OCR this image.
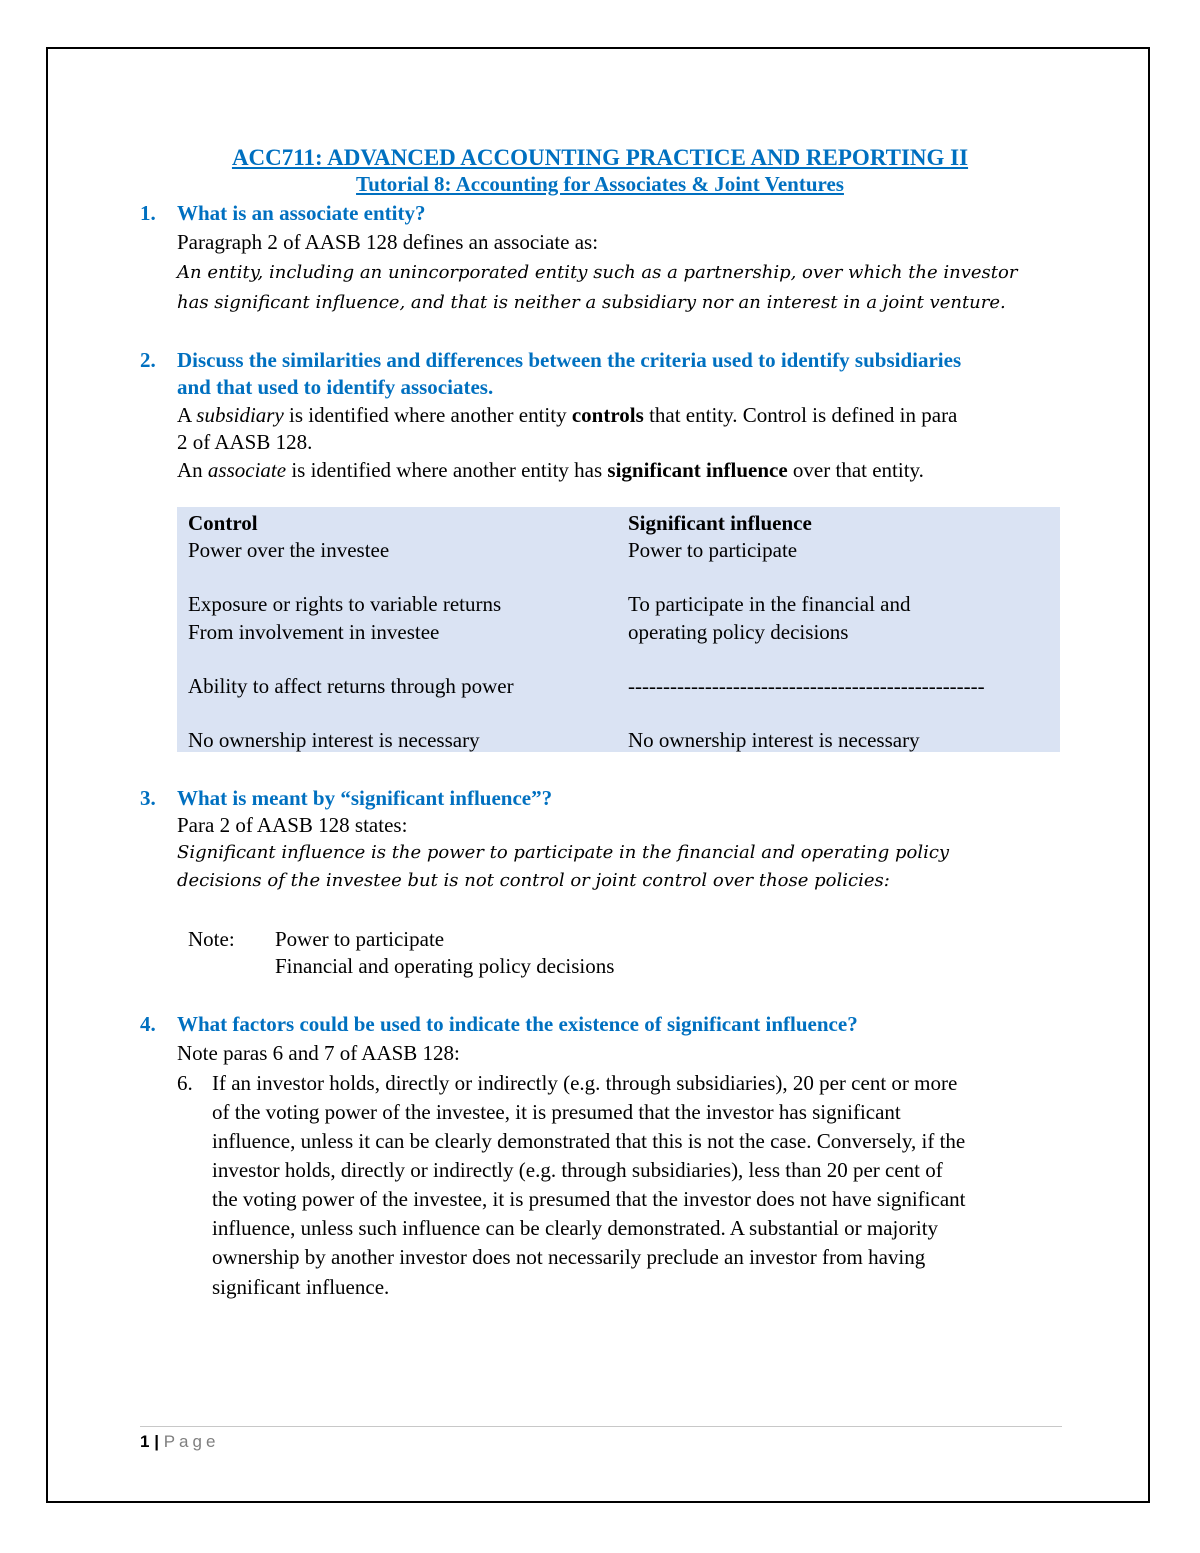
ACC711: ADVANCED ACCOUNTING PRACTICE AND REPORTING II
Tutorial 8: Accounting for Associates & Joint Ventures
1. What is an associate entity?
Paragraph 2 of AASB 128 defines an associate as:
An entity, including an unincorporated entity such as a partnership, over which the investor
has significant influence, and that is neither a subsidiary nor an interest in a joint venture.
2. Discuss the similarities and differences between the criteria used to identify subsidiaries
and that used to identify associates.
A subsidiary is identified where another entity controls that entity. Control is defined in para
2 of AASB 128.
An associate is identified where another entity has significant influence over that entity.
Control	Significant influence
Power over the investee	Power to participate
Exposure or rights to variable returns	To participate in the financial and
From involvement in investee	operating policy decisions
Ability to affect returns through power	---------------------------------------------------
No ownership interest is necessary	No ownership interest is necessary
3. What is meant by “significant influence”?
Para 2 of AASB 128 states:
Significant influence is the power to participate in the financial and operating policy
decisions of the investee but is not control or joint control over those policies:
Note: Power to participate
Financial and operating policy decisions
4. What factors could be used to indicate the existence of significant influence?
Note paras 6 and 7 of AASB 128:
6. If an investor holds, directly or indirectly (e.g. through subsidiaries), 20 per cent or more
of the voting power of the investee, it is presumed that the investor has significant
influence, unless it can be clearly demonstrated that this is not the case. Conversely, if the
investor holds, directly or indirectly (e.g. through subsidiaries), less than 20 per cent of
the voting power of the investee, it is presumed that the investor does not have significant
influence, unless such influence can be clearly demonstrated. A substantial or majority
ownership by another investor does not necessarily preclude an investor from having
significant influence.
1 | Page
